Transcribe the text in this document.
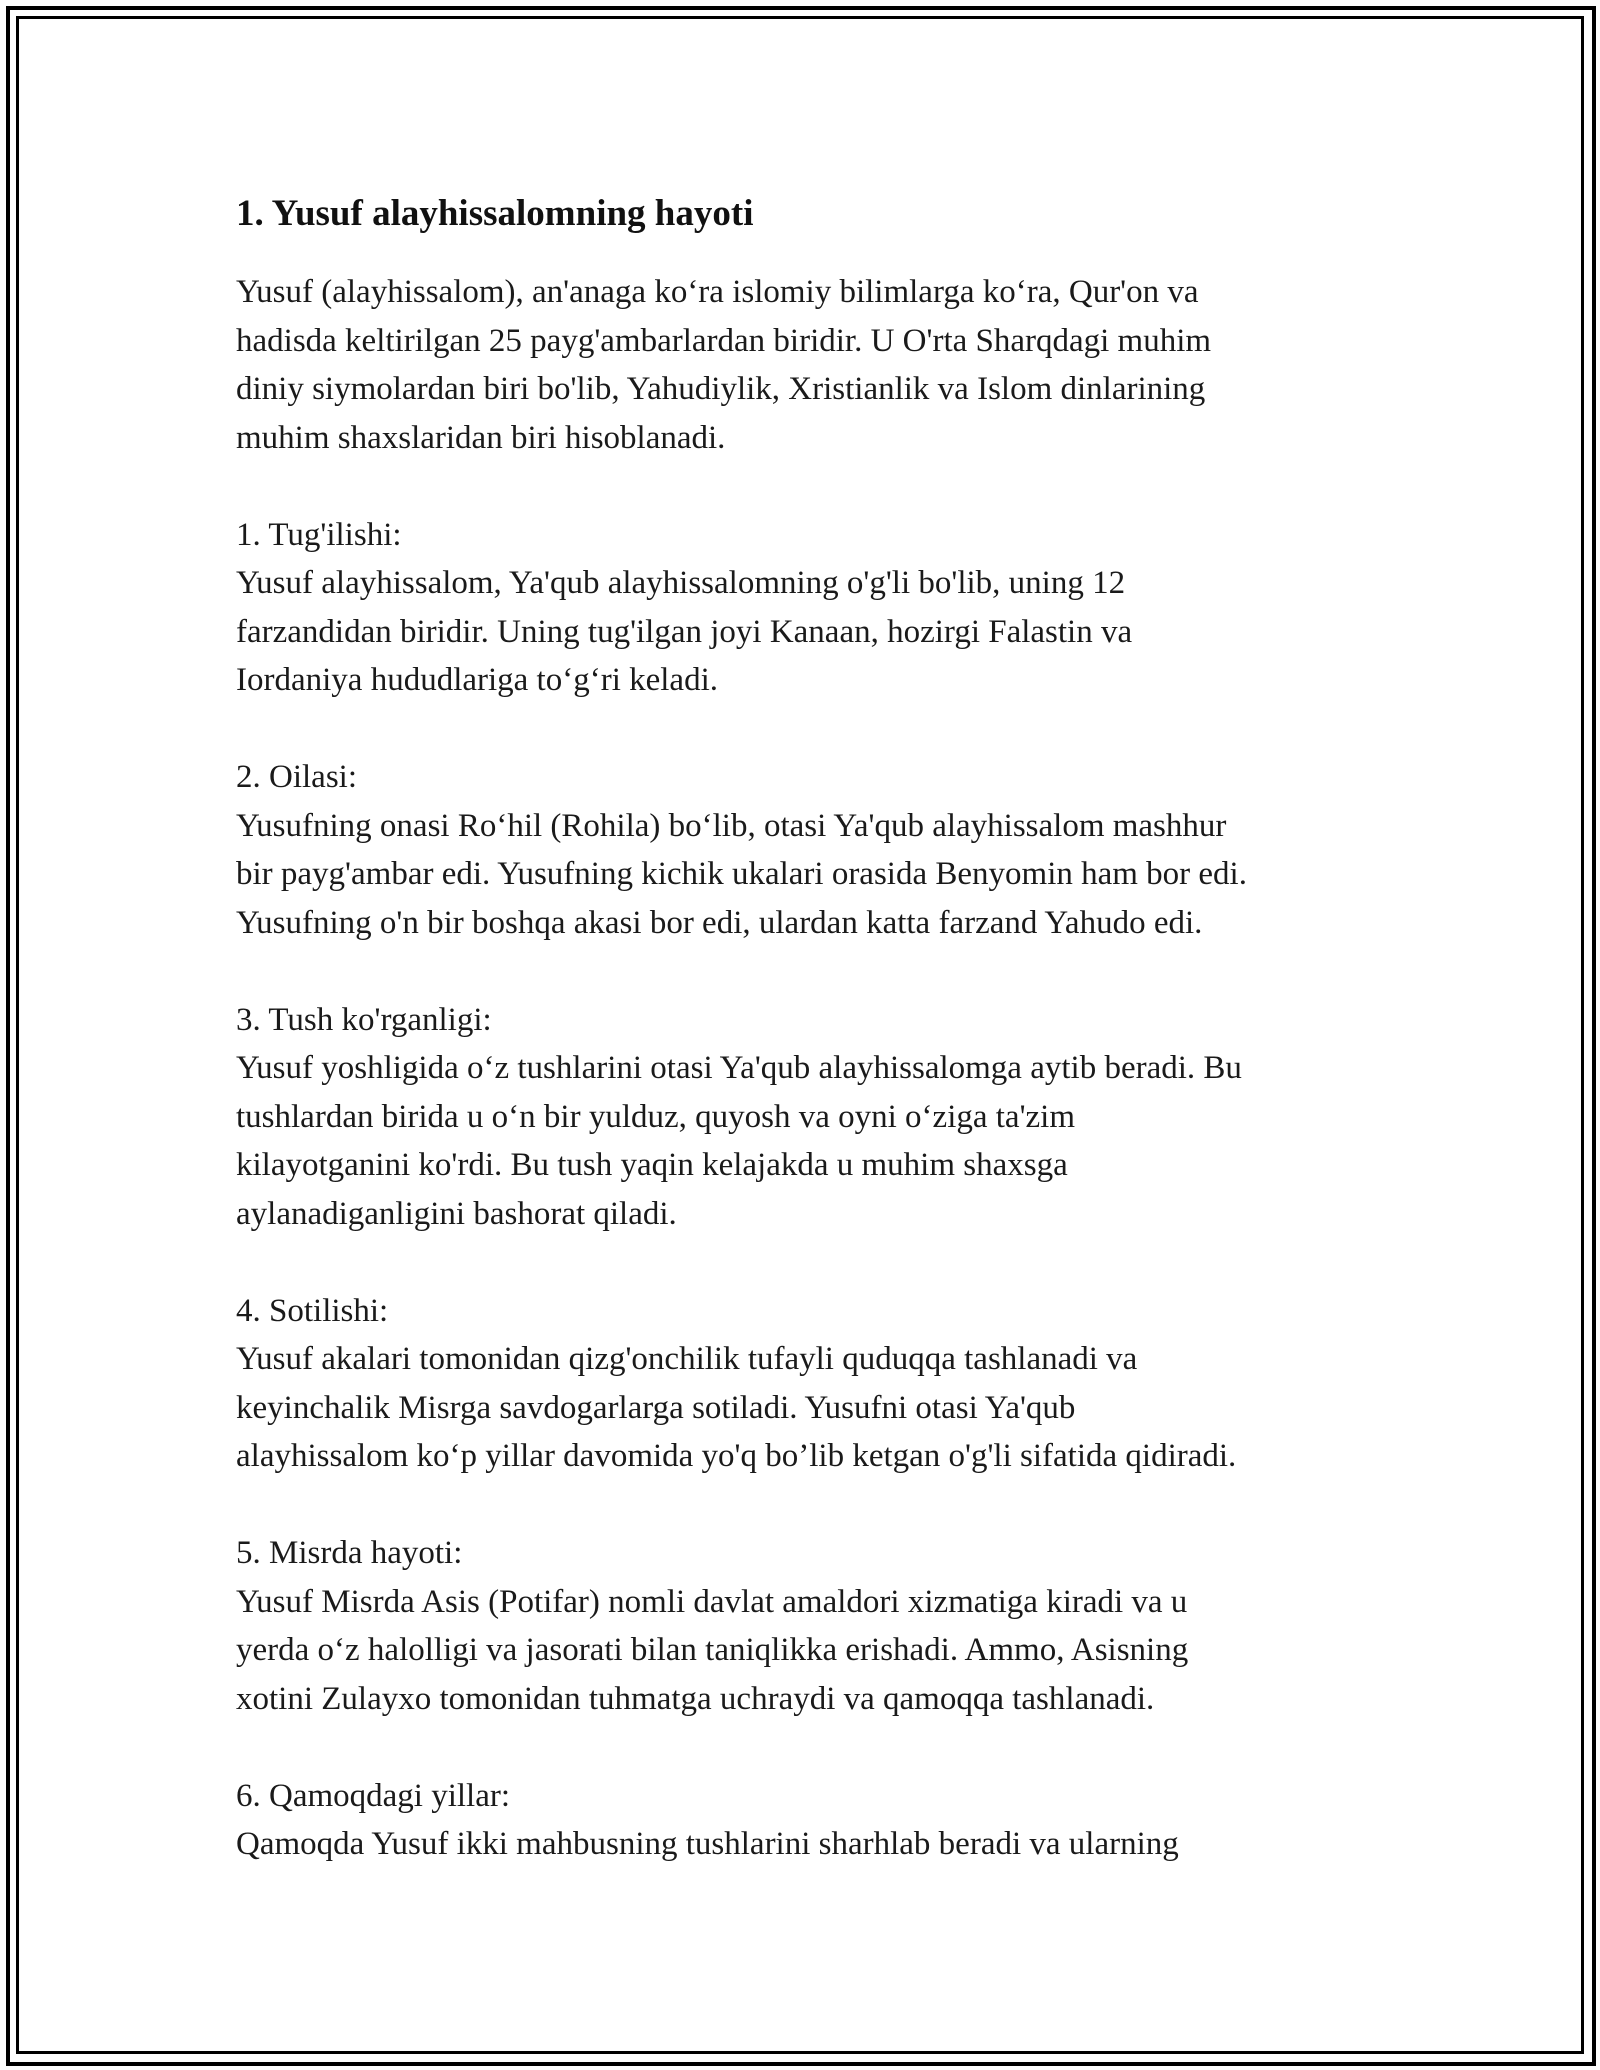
1. Yusuf alayhissalomning hayoti

Yusuf (alayhissalom), an'anaga ko‘ra islomiy bilimlarga ko‘ra, Qur'on va
hadisda keltirilgan 25 payg'ambarlardan biridir. U O'rta Sharqdagi muhim
diniy siymolardan biri bo'lib, Yahudiylik, Xristianlik va Islom dinlarining
muhim shaxslaridan biri hisoblanadi.

1. Tug'ilishi:

Yusuf alayhissalom, Ya'qub alayhissalomning o'g'li bo'lib, uning 12
farzandidan biridir. Uning tug'ilgan joyi Kanaan, hozirgi Falastin va
Iordaniya hududlariga to‘g‘ri keladi.

2. Oilasi:

Yusufning onasi Ro‘hil (Rohila) bo‘lib, otasi Ya'qub alayhissalom mashhur
bir payg'ambar edi. Yusufning kichik ukalari orasida Benyomin ham bor edi.
Yusufning o'n bir boshqa akasi bor edi, ulardan katta farzand Yahudo edi.

3. Tush ko'rganligi:

Yusuf yoshligida o‘z tushlarini otasi Ya'qub alayhissalomga aytib beradi. Bu
tushlardan birida u o‘n bir yulduz, quyosh va oyni o‘ziga ta'zim
kilayotganini ko'rdi. Bu tush yaqin kelajakda u muhim shaxsga
aylanadiganligini bashorat qiladi.

4. Sotilishi:

Yusuf akalari tomonidan qizg'onchilik tufayli quduqqa tashlanadi va
keyinchalik Misrga savdogarlarga sotiladi. Yusufni otasi Ya'qub
alayhissalom ko‘p yillar davomida yo'q bo’lib ketgan o'g'li sifatida qidiradi.

5. Misrda hayoti:

Yusuf Misrda Asis (Potifar) nomli davlat amaldori xizmatiga kiradi va u
yerda o‘z halolligi va jasorati bilan taniqlikka erishadi. Ammo, Asisning
xotini Zulayxo tomonidan tuhmatga uchraydi va qamoqqa tashlanadi.

6. Qamoqdagi yillar:

Qamoqda Yusuf ikki mahbusning tushlarini sharhlab beradi va ularning
